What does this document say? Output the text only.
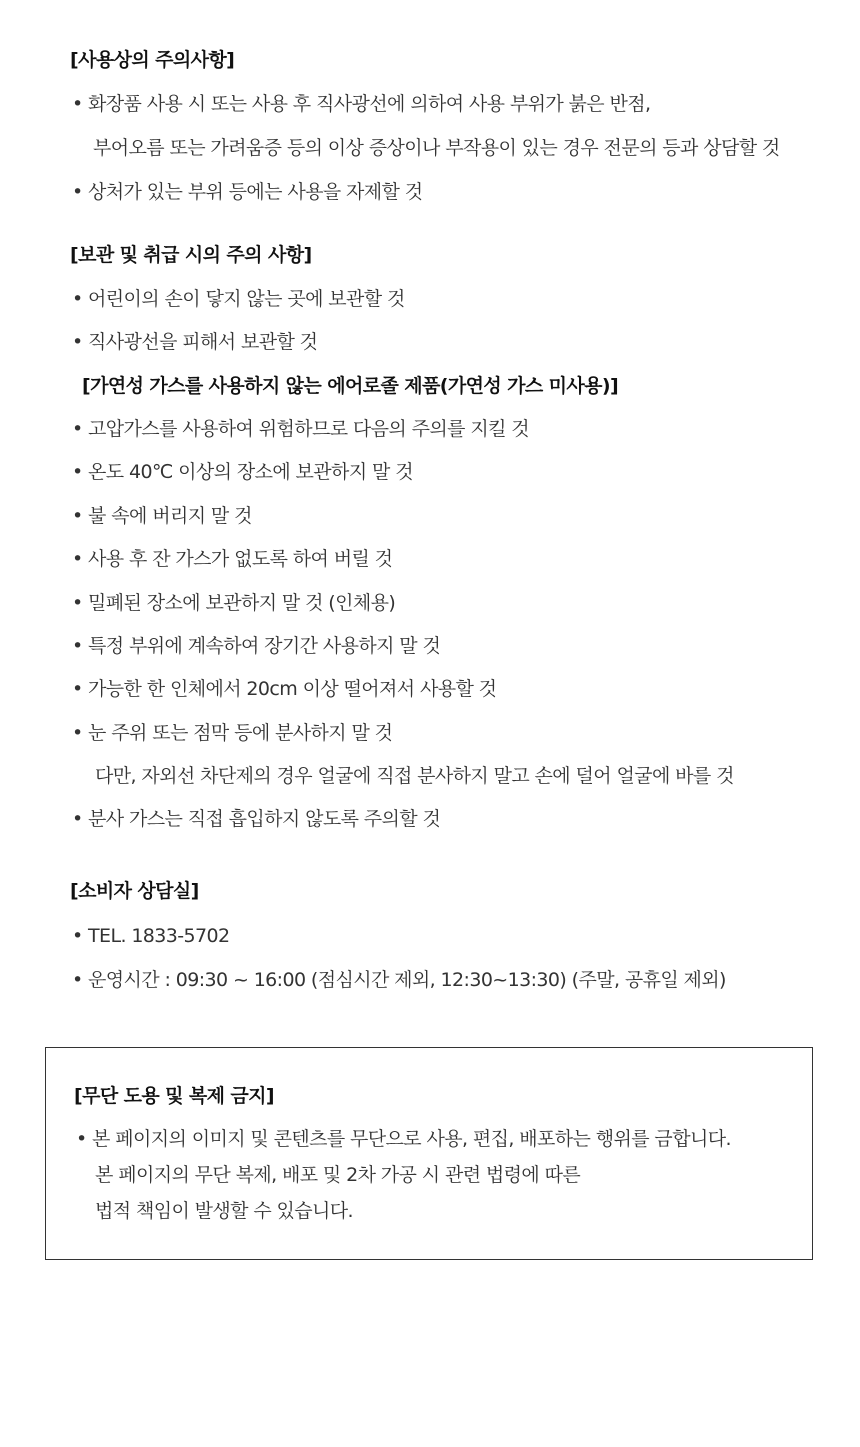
[사용상의 주의사항]
• 화장품 사용 시 또는 사용 후 직사광선에 의하여 사용 부위가 붉은 반점,
부어오름 또는 가려움증 등의 이상 증상이나 부작용이 있는 경우 전문의 등과 상담할 것
• 상처가 있는 부위 등에는 사용을 자제할 것
[보관 및 취급 시의 주의 사항]
• 어린이의 손이 닿지 않는 곳에 보관할 것
• 직사광선을 피해서 보관할 것
[가연성 가스를 사용하지 않는 에어로졸 제품(가연성 가스 미사용)]
• 고압가스를 사용하여 위험하므로 다음의 주의를 지킬 것
• 온도 40℃ 이상의 장소에 보관하지 말 것
• 불 속에 버리지 말 것
• 사용 후 잔 가스가 없도록 하여 버릴 것
• 밀폐된 장소에 보관하지 말 것 (인체용)
• 특정 부위에 계속하여 장기간 사용하지 말 것
• 가능한 한 인체에서 20cm 이상 떨어져서 사용할 것
• 눈 주위 또는 점막 등에 분사하지 말 것
다만, 자외선 차단제의 경우 얼굴에 직접 분사하지 말고 손에 덜어 얼굴에 바를 것
• 분사 가스는 직접 흡입하지 않도록 주의할 것
[소비자 상담실]
• TEL. 1833-5702
• 운영시간 : 09:30 ~ 16:00 (점심시간 제외, 12:30~13:30) (주말, 공휴일 제외)
[무단 도용 및 복제 금지]
• 본 페이지의 이미지 및 콘텐츠를 무단으로 사용, 편집, 배포하는 행위를 금합니다.
본 페이지의 무단 복제, 배포 및 2차 가공 시 관련 법령에 따른
법적 책임이 발생할 수 있습니다.
